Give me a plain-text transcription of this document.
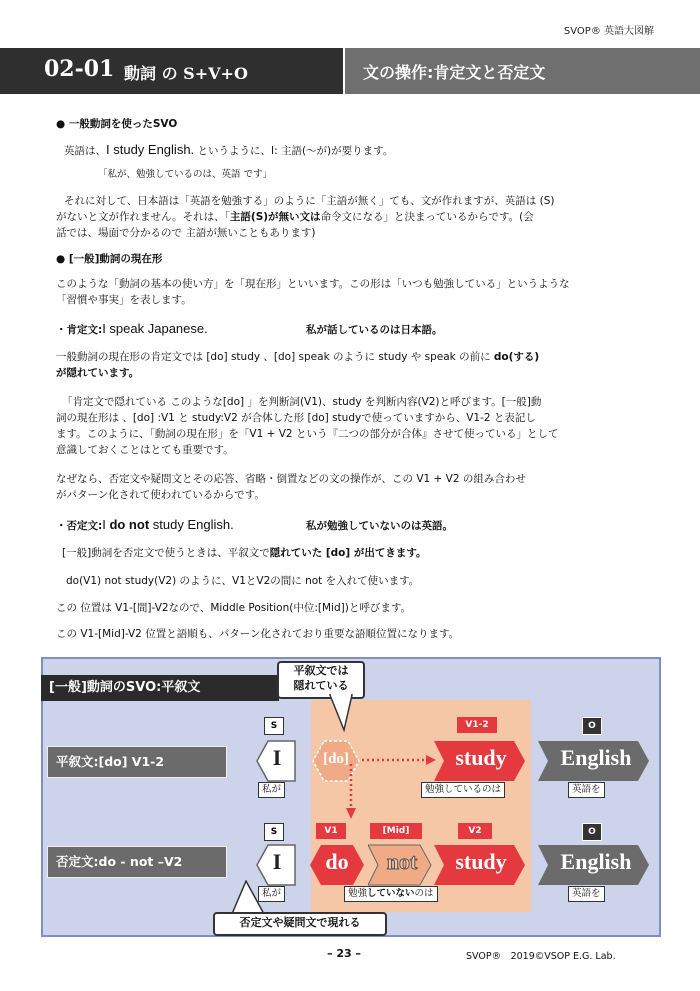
SVOP® 英語大図解
02-01 動詞 の S+V+O	文の操作:肯定文と否定文
● 一般動詞を使ったSVO
英語は、I study English. というように、I: 主語(〜が)が要ります。
「私が、勉強しているのは、英語 です」
それに対して、日本語は「英語を勉強する」のように「主語が無く」ても、文が作れますが、英語は (S)
がないと文が作れません。それは、「主語(S)が無い文は命令文になる」と決まっているからです。(会
話では、場面で分かるので 主語が無いこともあります)
● [一般]動詞の現在形
このような「動詞の基本の使い方」を「現在形」といいます。この形は「いつも勉強している」というような
「習慣や事実」を表します。
・肯定文:I speak Japanese.	私が話しているのは日本語。
一般動詞の現在形の肯定文では [do] study 、[do] speak のように study や speak の前に do(する)
が隠れています。
「肯定文で隠れている このような[do] 」を判断詞(V1)、study を判断内容(V2)と呼びます。[一般]動
詞の現在形は 、[do] :V1 と study:V2 が合体した形 [do] studyで使っていますから、V1-2 と表記し
ます。このように、「動詞の現在形」を「V1 + V2 という『二つの部分が合体』させて使っている」として
意識しておくことはとても重要です。
なぜなら、否定文や疑問文とその応答、省略・倒置などの文の操作が、この V1 + V2 の組み合わせ
がパターン化されて使われているからです。
・否定文:I do not study English.	私が勉強していないのは英語。
[一般]動詞を否定文で使うときは、平叙文で隠れていた [do] が出てきます。
do(V1) not study(V2) のように、V1とV2の間に not を入れて使います。
この 位置は V1-[間]-V2なので、Middle Position(中位:[Mid])と呼びます。
この V1-[Mid]-V2 位置と語順も、パターン化されており重要な語順位置になります。
[一般]動詞のSVO:平叙文
平叙文では
隠れている
平叙文:[do] V1-2
S	V1-2	O
I	[do]	study	English
私が	勉強しているのは	英語を
否定文:do - not –V2
S	V1	[Mid]	V2	O
I	do	not	study	English
私が	勉強していないのは	英語を
否定文や疑問文で現れる
– 23 –	SVOP®　2019©VSOP E.G. Lab.
